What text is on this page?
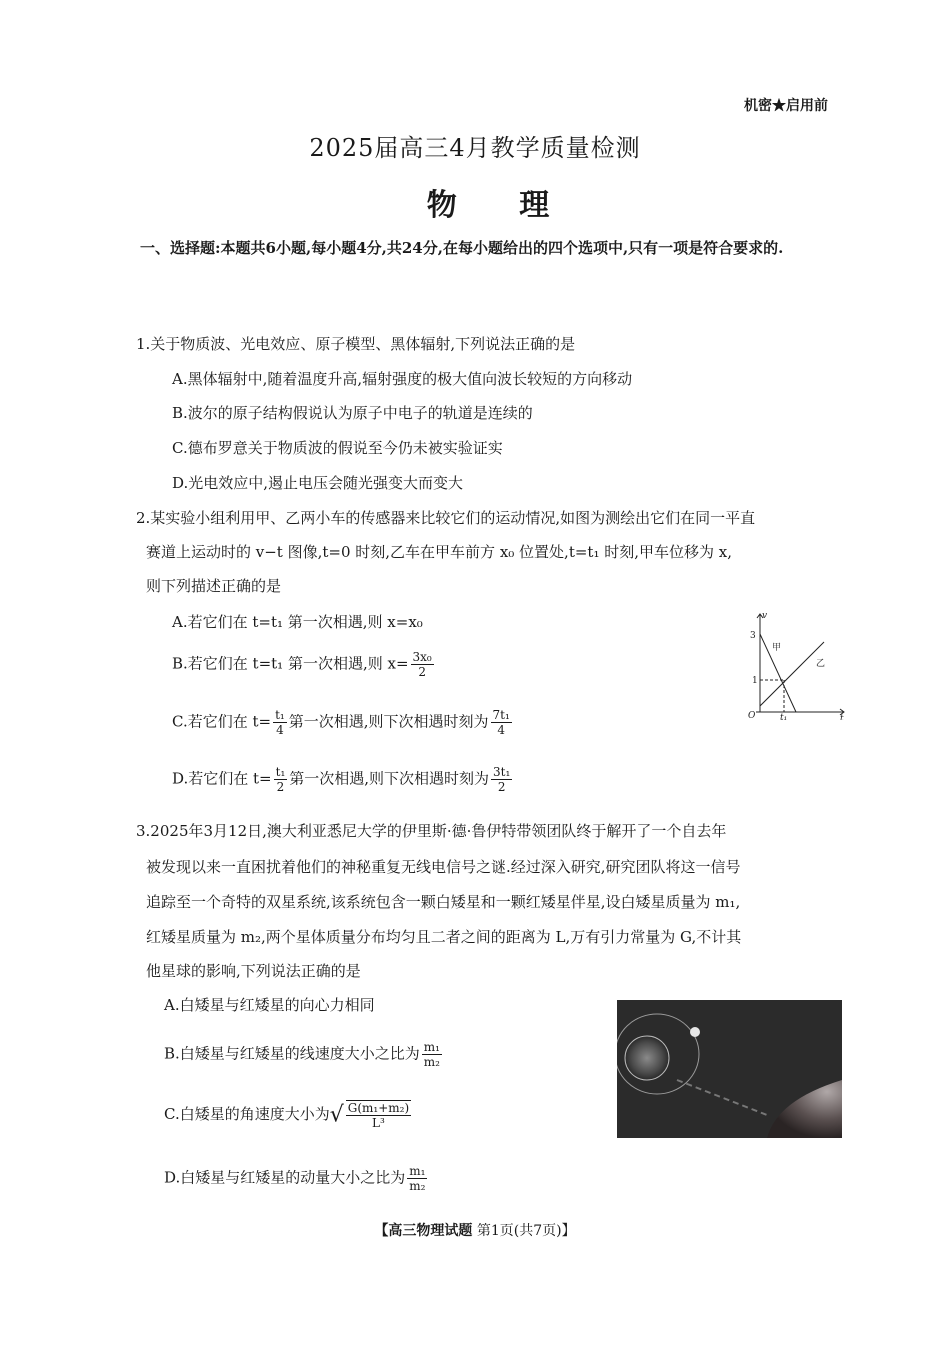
机密★启用前
2025届高三4月教学质量检测
物 理
一、选择题:本题共6小题,每小题4分,共24分,在每小题给出的四个选项中,只有一项是符合要求的.
1.关于物质波、光电效应、原子模型、黑体辐射,下列说法正确的是
A.黑体辐射中,随着温度升高,辐射强度的极大值向波长较短的方向移动
B.波尔的原子结构假说认为原子中电子的轨道是连续的
C.德布罗意关于物质波的假说至今仍未被实验证实
D.光电效应中,遏止电压会随光强变大而变大
2.某实验小组利用甲、乙两小车的传感器来比较它们的运动情况,如图为测绘出它们在同一平直
赛道上运动时的 v−t 图像,t=0 时刻,乙车在甲车前方 x₀ 位置处,t=t₁ 时刻,甲车位移为 x,
则下列描述正确的是
A.若它们在 t=t₁ 第一次相遇,则 x=x₀
B.若它们在 t=t₁ 第一次相遇,则 $x= \frac{\text{3x₀}}{2}$
C.若它们在 $t= \frac{\text{t₁}}{4}$ 第一次相遇,则下次相遇时刻为 $\frac{\text{7t₁}}{4}$
D.若它们在 $t= \frac{\text{t₁}}{2}$ 第一次相遇,则下次相遇时刻为 $\frac{\text{3t₁}}{2}$
v
t
O
3
1
t₁
甲
乙
3.2025年3月12日,澳大利亚悉尼大学的伊里斯·德·鲁伊特带领团队终于解开了一个自去年
被发现以来一直困扰着他们的神秘重复无线电信号之谜.经过深入研究,研究团队将这一信号
追踪至一个奇特的双星系统,该系统包含一颗白矮星和一颗红矮星伴星,设白矮星质量为 m₁,
红矮星质量为 m₂,两个星体质量分布均匀且二者之间的距离为 L,万有引力常量为 G,不计其
他星球的影响,下列说法正确的是
A.白矮星与红矮星的向心力相同
B.白矮星与红矮星的线速度大小之比为 $\frac{\text{m₁}}{\text{m₂}}$
C.白矮星的角速度大小为√ $\frac{\text{G(m₁+m₂)}}{\text{L³}}$
D.白矮星与红矮星的动量大小之比为 $\frac{\text{m₁}}{\text{m₂}}$
【高三物理试题 第1页(共7页)】
